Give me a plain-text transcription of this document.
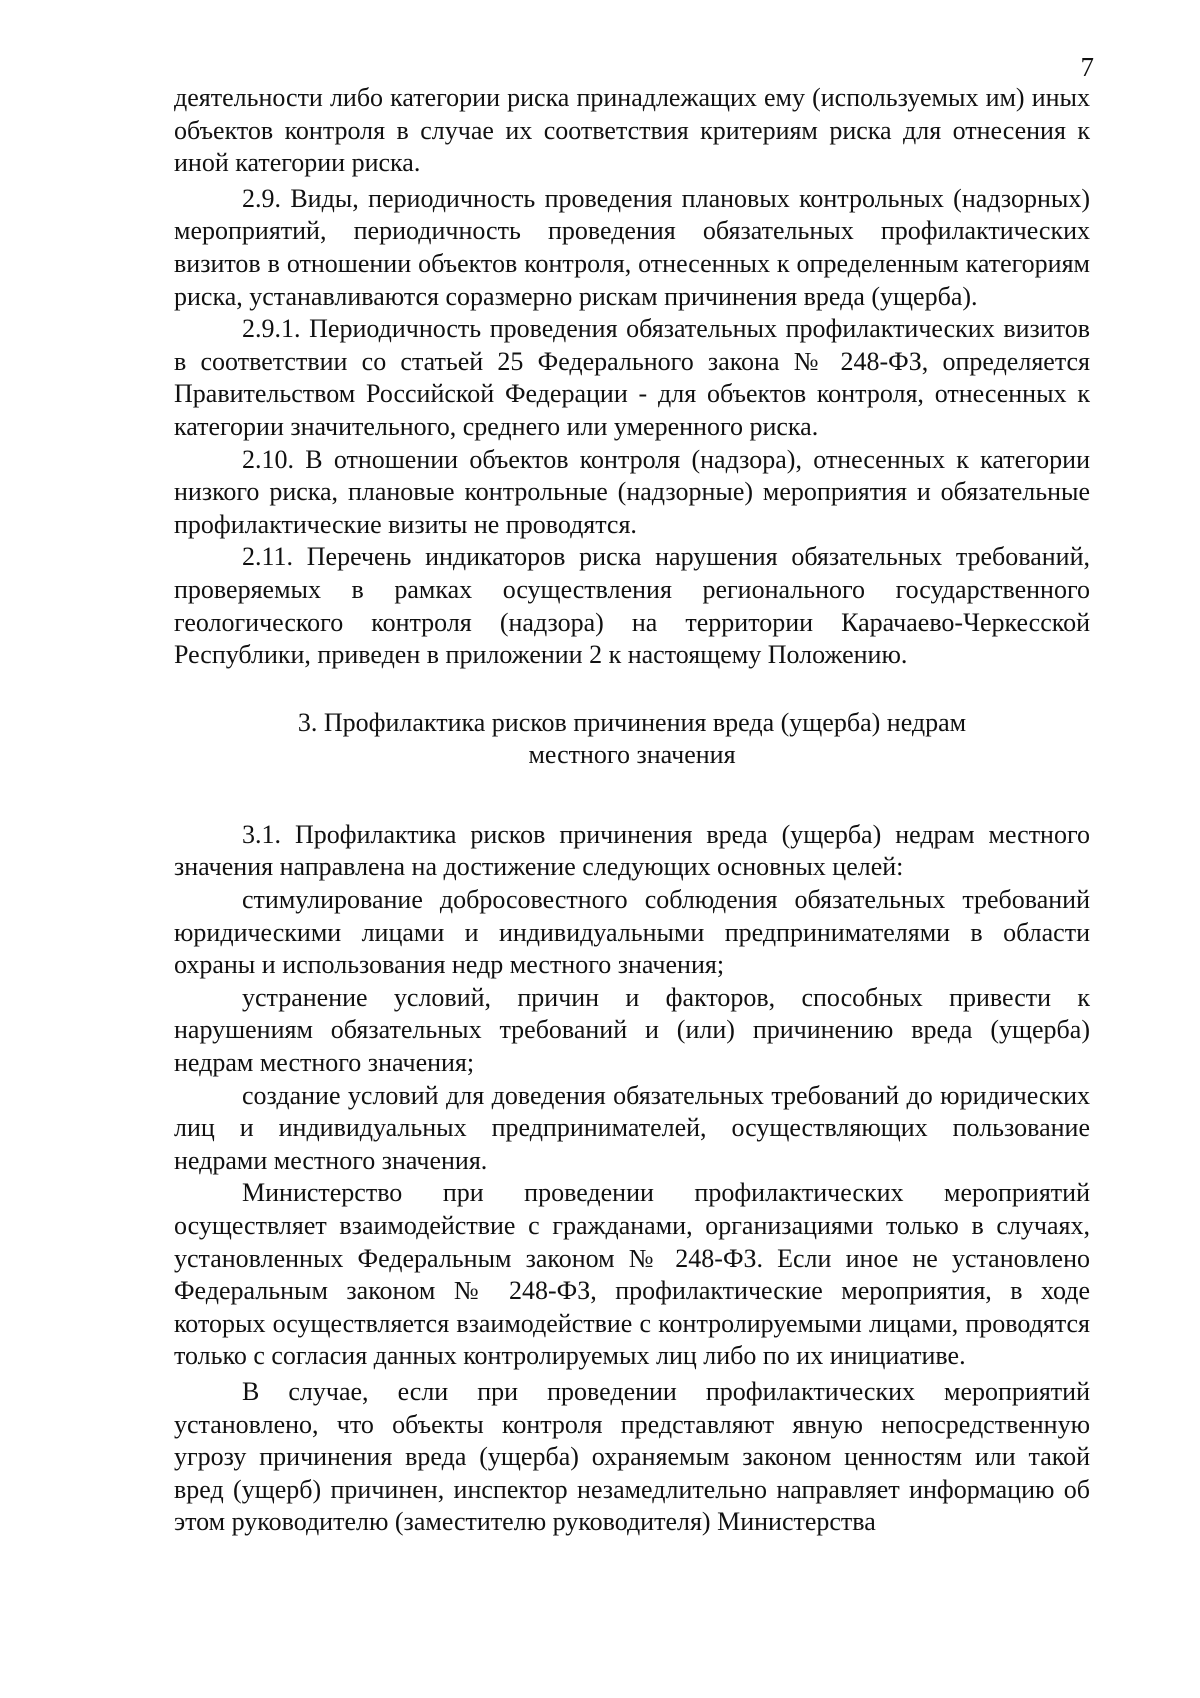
7

деятельности либо категории риска принадлежащих ему (используемых им) иных объектов контроля в случае их соответствия критериям риска для отнесения к иной категории риска.

2.9. Виды, периодичность проведения плановых контрольных (надзорных) мероприятий, периодичность проведения обязательных профилактических визитов в отношении объектов контроля, отнесенных к определенным категориям риска, устанавливаются соразмерно рискам причинения вреда (ущерба).

2.9.1. Периодичность проведения обязательных профилактических визитов в соответствии со статьей 25 Федерального закона № 248-ФЗ, определяется Правительством Российской Федерации - для объектов контроля, отнесенных к категории значительного, среднего или умеренного риска.

2.10. В отношении объектов контроля (надзора), отнесенных к категории низкого риска, плановые контрольные (надзорные) мероприятия и обязательные профилактические визиты не проводятся.

2.11. Перечень индикаторов риска нарушения обязательных требований, проверяемых в рамках осуществления регионального государственного геологического контроля (надзора) на территории Карачаево-Черкесской Республики, приведен в приложении 2 к настоящему Положению.

3. Профилактика рисков причинения вреда (ущерба) недрам
местного значения

3.1. Профилактика рисков причинения вреда (ущерба) недрам местного значения направлена на достижение следующих основных целей:

стимулирование добросовестного соблюдения обязательных требований юридическими лицами и индивидуальными предпринимателями в области охраны и использования недр местного значения;

устранение условий, причин и факторов, способных привести к нарушениям обязательных требований и (или) причинению вреда (ущерба) недрам местного значения;

создание условий для доведения обязательных требований до юридических лиц и индивидуальных предпринимателей, осуществляющих пользование недрами местного значения.

Министерство при проведении профилактических мероприятий осуществляет взаимодействие с гражданами, организациями только в случаях, установленных Федеральным законом № 248-ФЗ. Если иное не установлено Федеральным законом № 248-ФЗ, профилактические мероприятия, в ходе которых осуществляется взаимодействие с контролируемыми лицами, проводятся только с согласия данных контролируемых лиц либо по их инициативе.

В случае, если при проведении профилактических мероприятий установлено, что объекты контроля представляют явную непосредственную угрозу причинения вреда (ущерба) охраняемым законом ценностям или такой вред (ущерб) причинен, инспектор незамедлительно направляет информацию об этом руководителю (заместителю руководителя) Министерства
